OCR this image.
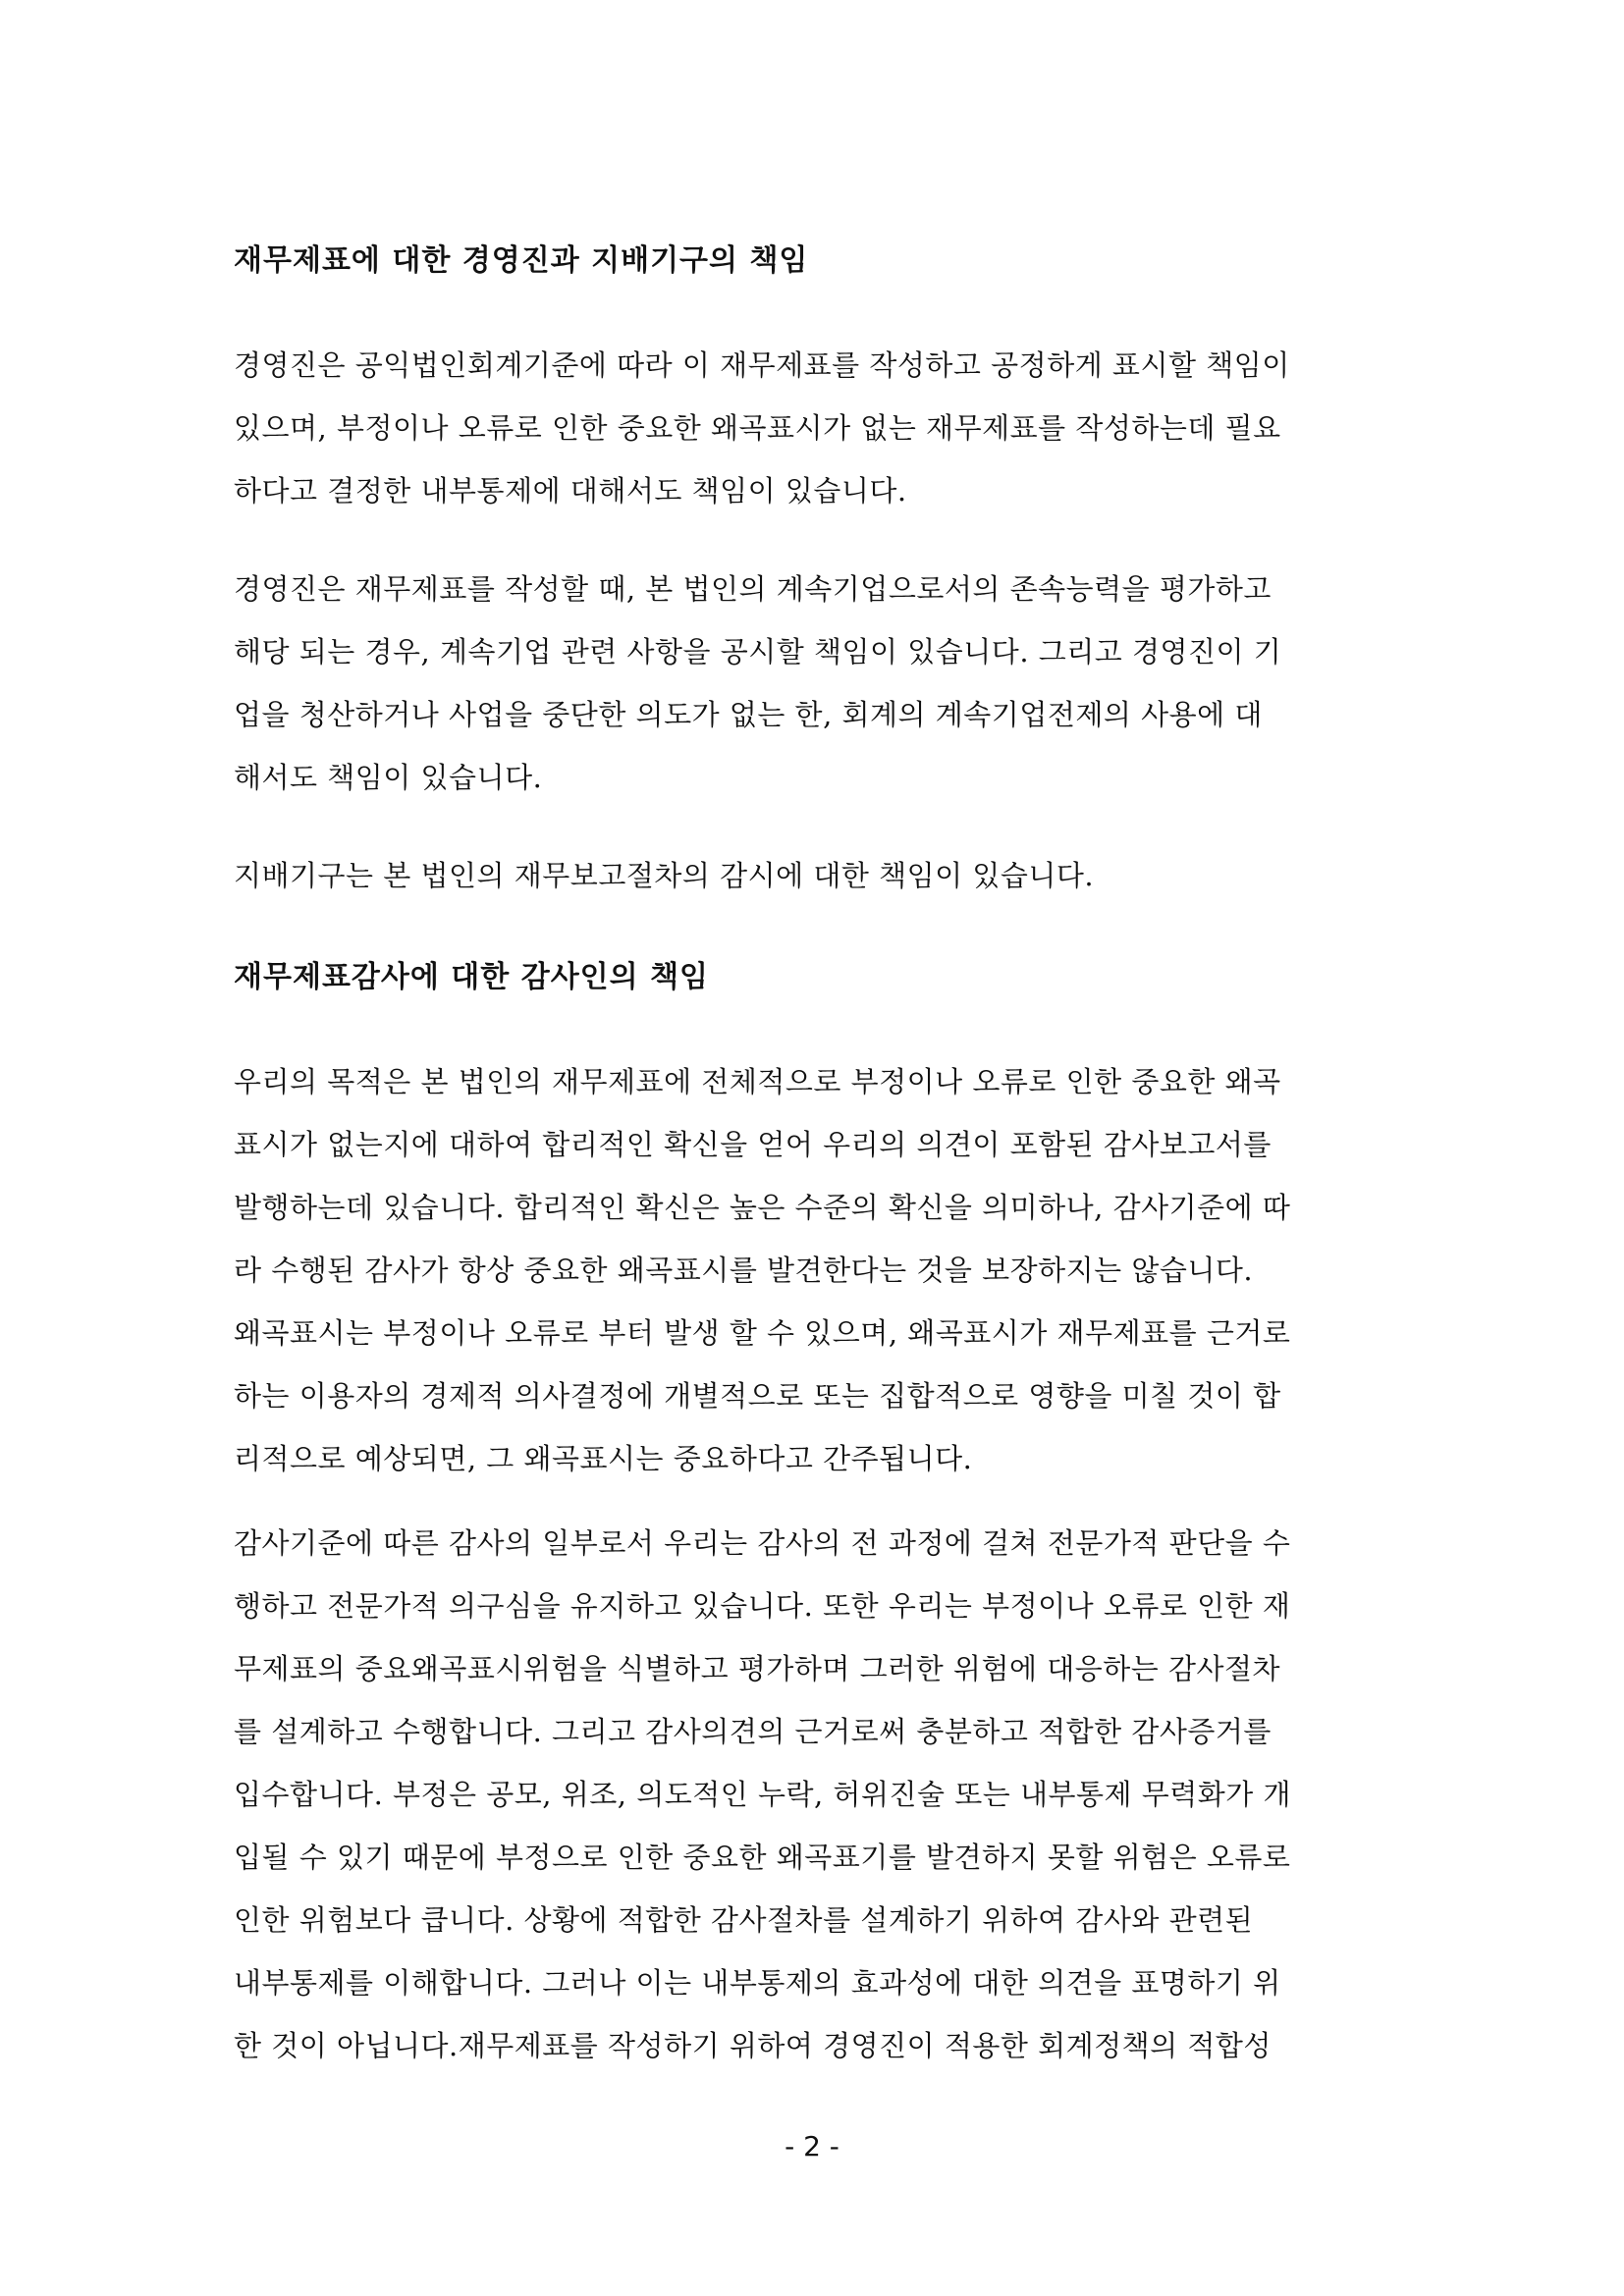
재무제표에 대한 경영진과 지배기구의 책임
경영진은 공익법인회계기준에 따라 이 재무제표를 작성하고 공정하게 표시할 책임이
있으며, 부정이나 오류로 인한 중요한 왜곡표시가 없는 재무제표를 작성하는데 필요
하다고 결정한 내부통제에 대해서도 책임이 있습니다.
경영진은 재무제표를 작성할 때, 본 법인의 계속기업으로서의 존속능력을 평가하고
해당 되는 경우, 계속기업 관련 사항을 공시할 책임이 있습니다. 그리고 경영진이 기
업을 청산하거나 사업을 중단한 의도가 없는 한, 회계의 계속기업전제의 사용에 대
해서도 책임이 있습니다.
지배기구는 본 법인의 재무보고절차의 감시에 대한 책임이 있습니다.
재무제표감사에 대한 감사인의 책임
우리의 목적은 본 법인의 재무제표에 전체적으로 부정이나 오류로 인한 중요한 왜곡
표시가 없는지에 대하여 합리적인 확신을 얻어 우리의 의견이 포함된 감사보고서를
발행하는데 있습니다. 합리적인 확신은 높은 수준의 확신을 의미하나, 감사기준에 따
라 수행된 감사가 항상 중요한 왜곡표시를 발견한다는 것을 보장하지는 않습니다.
왜곡표시는 부정이나 오류로 부터 발생 할 수 있으며, 왜곡표시가 재무제표를 근거로
하는 이용자의 경제적 의사결정에 개별적으로 또는 집합적으로 영향을 미칠 것이 합
리적으로 예상되면, 그 왜곡표시는 중요하다고 간주됩니다.
감사기준에 따른 감사의 일부로서 우리는 감사의 전 과정에 걸쳐 전문가적 판단을 수
행하고 전문가적 의구심을 유지하고 있습니다. 또한 우리는 부정이나 오류로 인한 재
무제표의 중요왜곡표시위험을 식별하고 평가하며 그러한 위험에 대응하는 감사절차
를 설계하고 수행합니다. 그리고 감사의견의 근거로써 충분하고 적합한 감사증거를
입수합니다. 부정은 공모, 위조, 의도적인 누락, 허위진술 또는 내부통제 무력화가 개
입될 수 있기 때문에 부정으로 인한 중요한 왜곡표기를 발견하지 못할 위험은 오류로
인한 위험보다 큽니다. 상황에 적합한 감사절차를 설계하기 위하여 감사와 관련된
내부통제를 이해합니다. 그러나 이는 내부통제의 효과성에 대한 의견을 표명하기 위
한 것이 아닙니다.재무제표를 작성하기 위하여 경영진이 적용한 회계정책의 적합성
- 2 -
